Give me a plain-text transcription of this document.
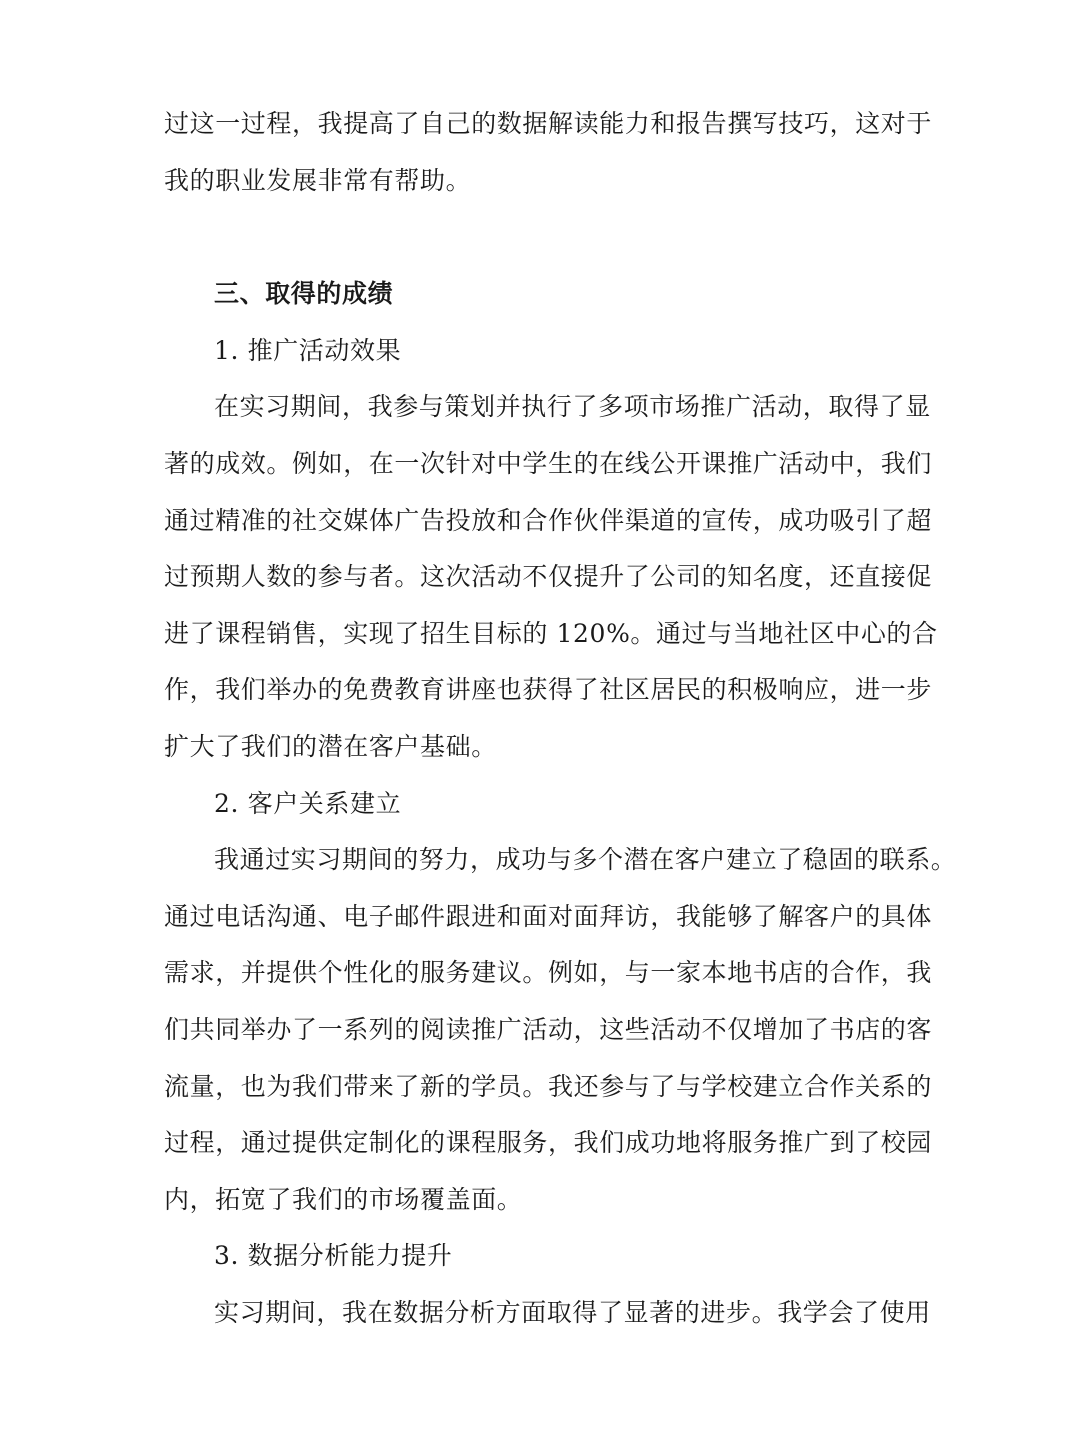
过这一过程，我提高了自己的数据解读能力和报告撰写技巧，这对于
我的职业发展非常有帮助。
三、取得的成绩
1. 推广活动效果
在实习期间，我参与策划并执行了多项市场推广活动，取得了显
著的成效。例如，在一次针对中学生的在线公开课推广活动中，我们
通过精准的社交媒体广告投放和合作伙伴渠道的宣传，成功吸引了超
过预期人数的参与者。这次活动不仅提升了公司的知名度，还直接促
进了课程销售，实现了招生目标的 120%。通过与当地社区中心的合
作，我们举办的免费教育讲座也获得了社区居民的积极响应，进一步
扩大了我们的潜在客户基础。
2. 客户关系建立
我通过实习期间的努力，成功与多个潜在客户建立了稳固的联系。
通过电话沟通、电子邮件跟进和面对面拜访，我能够了解客户的具体
需求，并提供个性化的服务建议。例如，与一家本地书店的合作，我
们共同举办了一系列的阅读推广活动，这些活动不仅增加了书店的客
流量，也为我们带来了新的学员。我还参与了与学校建立合作关系的
过程，通过提供定制化的课程服务，我们成功地将服务推广到了校园
内，拓宽了我们的市场覆盖面。
3. 数据分析能力提升
实习期间，我在数据分析方面取得了显著的进步。我学会了使用
